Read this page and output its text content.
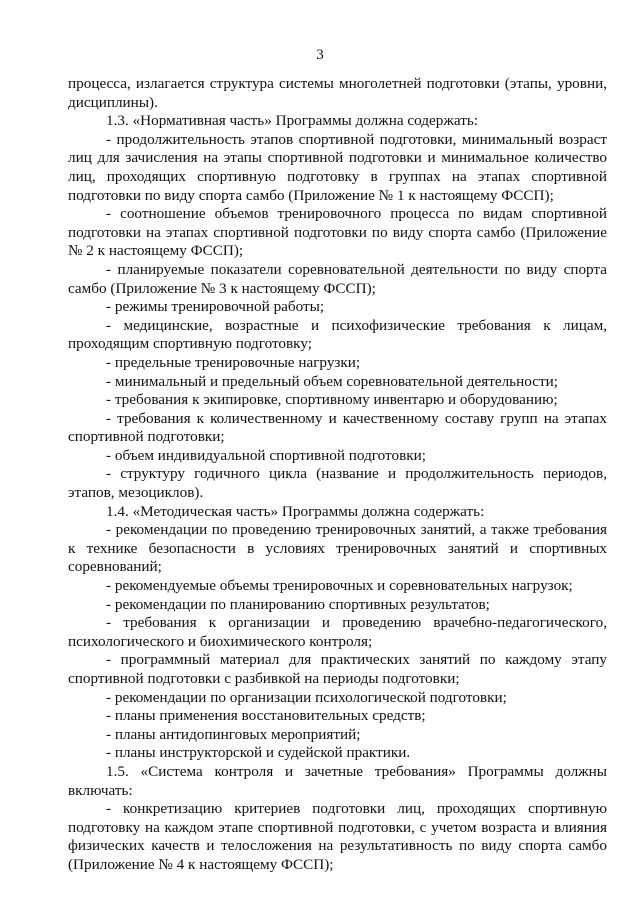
3

процесса, излагается структура системы многолетней подготовки (этапы, уровни, дисциплины).

1.3. «Нормативная часть» Программы должна содержать:

- продолжительность этапов спортивной подготовки, минимальный возраст лиц для зачисления на этапы спортивной подготовки и минимальное количество лиц, проходящих спортивную подготовку в группах на этапах спортивной подготовки по виду спорта самбо (Приложение № 1 к настоящему ФССП);

- соотношение объемов тренировочного процесса по видам спортивной подготовки на этапах спортивной подготовки по виду спорта самбо (Приложение № 2 к настоящему ФССП);

- планируемые показатели соревновательной деятельности по виду спорта самбо (Приложение № 3 к настоящему ФССП);

- режимы тренировочной работы;

- медицинские, возрастные и психофизические требования к лицам, проходящим спортивную подготовку;

- предельные тренировочные нагрузки;

- минимальный и предельный объем соревновательной деятельности;

- требования к экипировке, спортивному инвентарю и оборудованию;

- требования к количественному и качественному составу групп на этапах спортивной подготовки;

- объем индивидуальной спортивной подготовки;

- структуру годичного цикла (название и продолжительность периодов, этапов, мезоциклов).

1.4. «Методическая часть» Программы должна содержать:

- рекомендации по проведению тренировочных занятий, а также требования к технике безопасности в условиях тренировочных занятий и спортивных соревнований;

- рекомендуемые объемы тренировочных и соревновательных нагрузок;

- рекомендации по планированию спортивных результатов;

- требования к организации и проведению врачебно-педагогического, психологического и биохимического контроля;

- программный материал для практических занятий по каждому этапу спортивной подготовки с разбивкой на периоды подготовки;

- рекомендации по организации психологической подготовки;

- планы применения восстановительных средств;

- планы антидопинговых мероприятий;

- планы инструкторской и судейской практики.

1.5. «Система контроля и зачетные требования» Программы должны включать:

- конкретизацию критериев подготовки лиц, проходящих спортивную подготовку на каждом этапе спортивной подготовки, с учетом возраста и влияния физических качеств и телосложения на результативность по виду спорта самбо (Приложение № 4 к настоящему ФССП);
